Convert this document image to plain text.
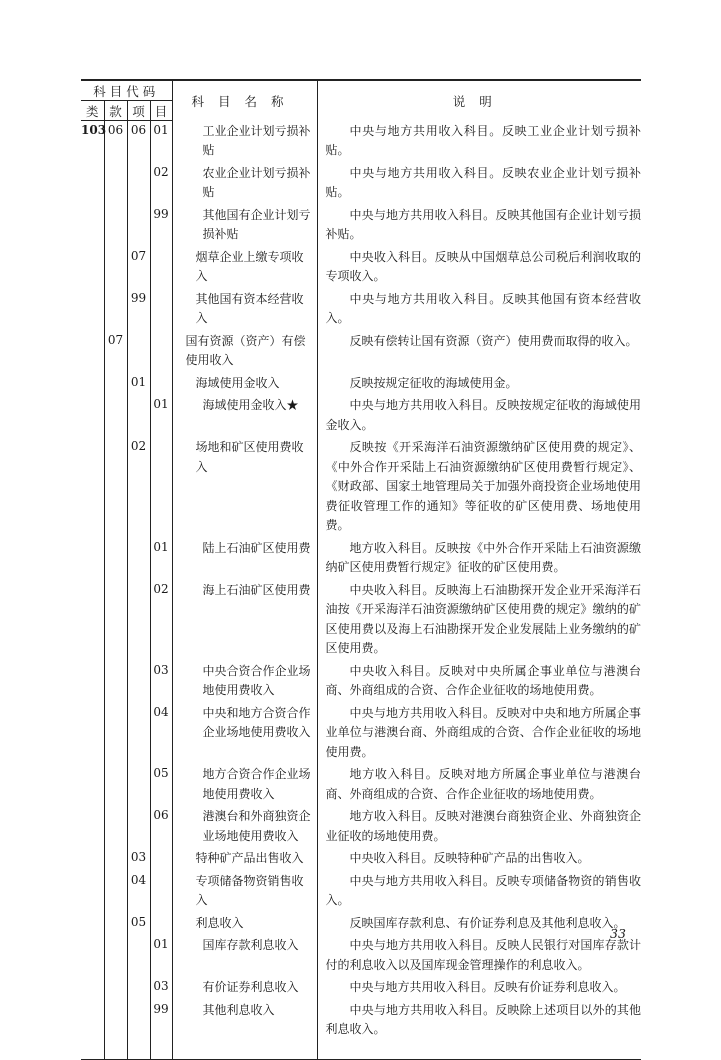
科目代码				科目名称	说明
类	款	项	目		
103	06	06	01	工业企业计划亏损补贴	中央与地方共用收入科目。反映工业企业计划亏损补贴。
			02	农业企业计划亏损补贴	中央与地方共用收入科目。反映农业企业计划亏损补贴。
			99	其他国有企业计划亏损补贴	中央与地方共用收入科目。反映其他国有企业计划亏损补贴。
		07		烟草企业上缴专项收入	中央收入科目。反映从中国烟草总公司税后利润收取的专项收入。
		99		其他国有资本经营收入	中央与地方共用收入科目。反映其他国有资本经营收入。
	07			国有资源（资产）有偿使用收入	反映有偿转让国有资源（资产）使用费而取得的收入。
		01		海域使用金收入	反映按规定征收的海域使用金。
			01	海域使用金收入★	中央与地方共用收入科目。反映按规定征收的海域使用金收入。
		02		场地和矿区使用费收入	反映按《开采海洋石油资源缴纳矿区使用费的规定》、《中外合作开采陆上石油资源缴纳矿区使用费暂行规定》、《财政部、国家土地管理局关于加强外商投资企业场地使用费征收管理工作的通知》等征收的矿区使用费、场地使用费。
			01	陆上石油矿区使用费	地方收入科目。反映按《中外合作开采陆上石油资源缴纳矿区使用费暂行规定》征收的矿区使用费。
			02	海上石油矿区使用费	中央收入科目。反映海上石油勘探开发企业开采海洋石油按《开采海洋石油资源缴纳矿区使用费的规定》缴纳的矿区使用费以及海上石油勘探开发企业发展陆上业务缴纳的矿区使用费。
			03	中央合资合作企业场地使用费收入	中央收入科目。反映对中央所属企事业单位与港澳台商、外商组成的合资、合作企业征收的场地使用费。
			04	中央和地方合资合作企业场地使用费收入	中央与地方共用收入科目。反映对中央和地方所属企事业单位与港澳台商、外商组成的合资、合作企业征收的场地使用费。
			05	地方合资合作企业场地使用费收入	地方收入科目。反映对地方所属企事业单位与港澳台商、外商组成的合资、合作企业征收的场地使用费。
			06	港澳台和外商独资企业场地使用费收入	地方收入科目。反映对港澳台商独资企业、外商独资企业征收的场地使用费。
		03		特种矿产品出售收入	中央收入科目。反映特种矿产品的出售收入。
		04		专项储备物资销售收入	中央与地方共用收入科目。反映专项储备物资的销售收入。
		05		利息收入	反映国库存款利息、有价证券利息及其他利息收入。
			01	国库存款利息收入	中央与地方共用收入科目。反映人民银行对国库存款计付的利息收入以及国库现金管理操作的利息收入。
			03	有价证券利息收入	中央与地方共用收入科目。反映有价证券利息收入。
			99	其他利息收入	中央与地方共用收入科目。反映除上述项目以外的其他利息收入。

33
